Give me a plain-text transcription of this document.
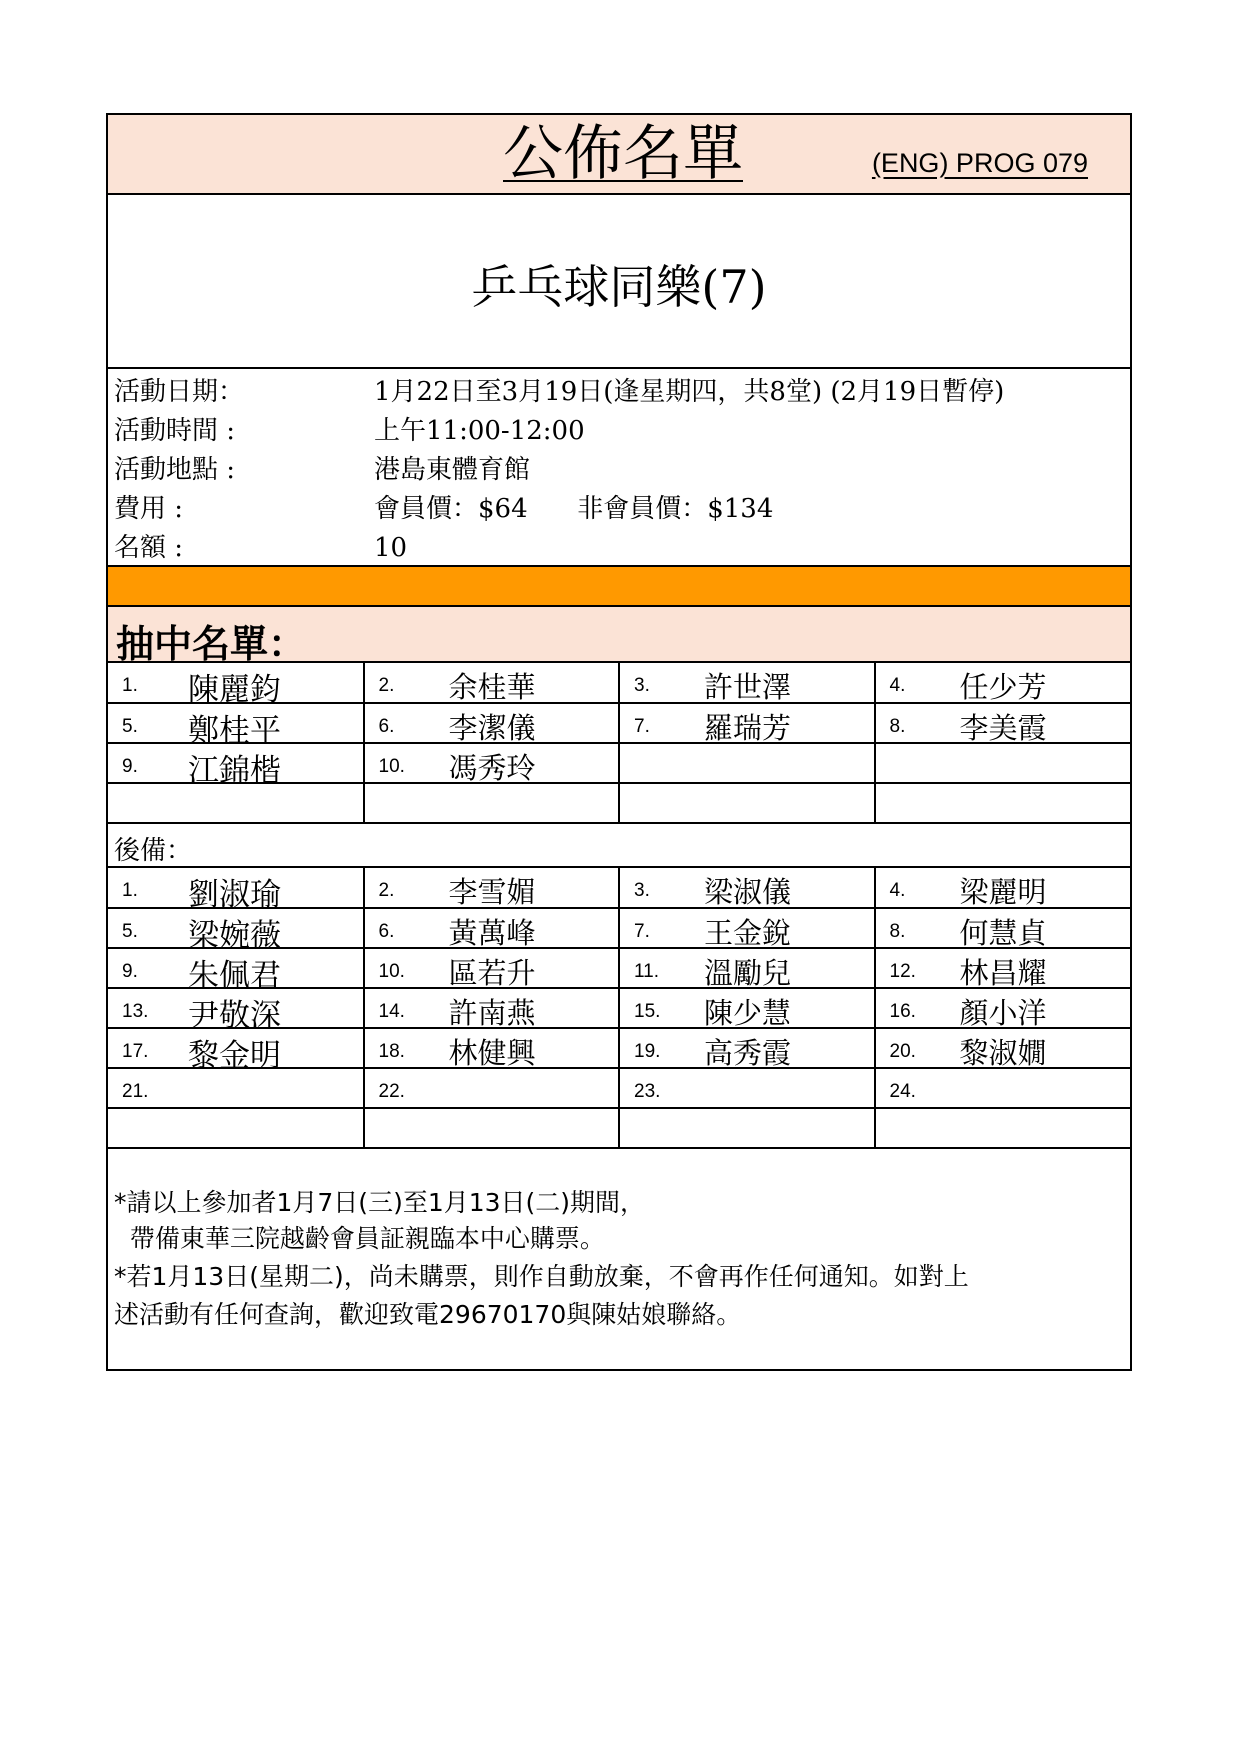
公佈名單	(ENG) PROG 079
乒乓球同樂(7)
活動日期：	1月22日至3月19日(逢星期四，共8堂) (2月19日暫停)
活動時間 :	上午11:00-12:00
活動地點 :	港島東體育館
費用 :	會員價：$64      非會員價：$134
名額 :	10
抽中名單：
1. 陳麗鈞	2. 余桂華	3. 許世澤	4. 任少芳

5. 鄭桂平	6. 李潔儀	7. 羅瑞芳	8. 李美霞

9. 江錦楷	10. 馮秀玲		

後備：
1. 劉淑瑜	2. 李雪媚	3. 梁淑儀	4. 梁麗明

5. 梁婉薇	6. 黃萬峰	7. 王金銳	8. 何慧貞

9. 朱佩君	10. 區若升	11. 溫勵兒	12. 林昌耀

13. 尹敬深	14. 許南燕	15. 陳少慧	16. 顏小洋

17. 黎金明	18. 林健興	19. 高秀霞	20. 黎淑嫺

21.	22.	23.	24.

*請以上參加者1月7日(三)至1月13日(二)期間，
帶備東華三院越齡會員証親臨本中心購票。
*若1月13日(星期二)，尚未購票，則作自動放棄，不會再作任何通知。如對上
述活動有任何查詢，歡迎致電29670170與陳姑娘聯絡。
